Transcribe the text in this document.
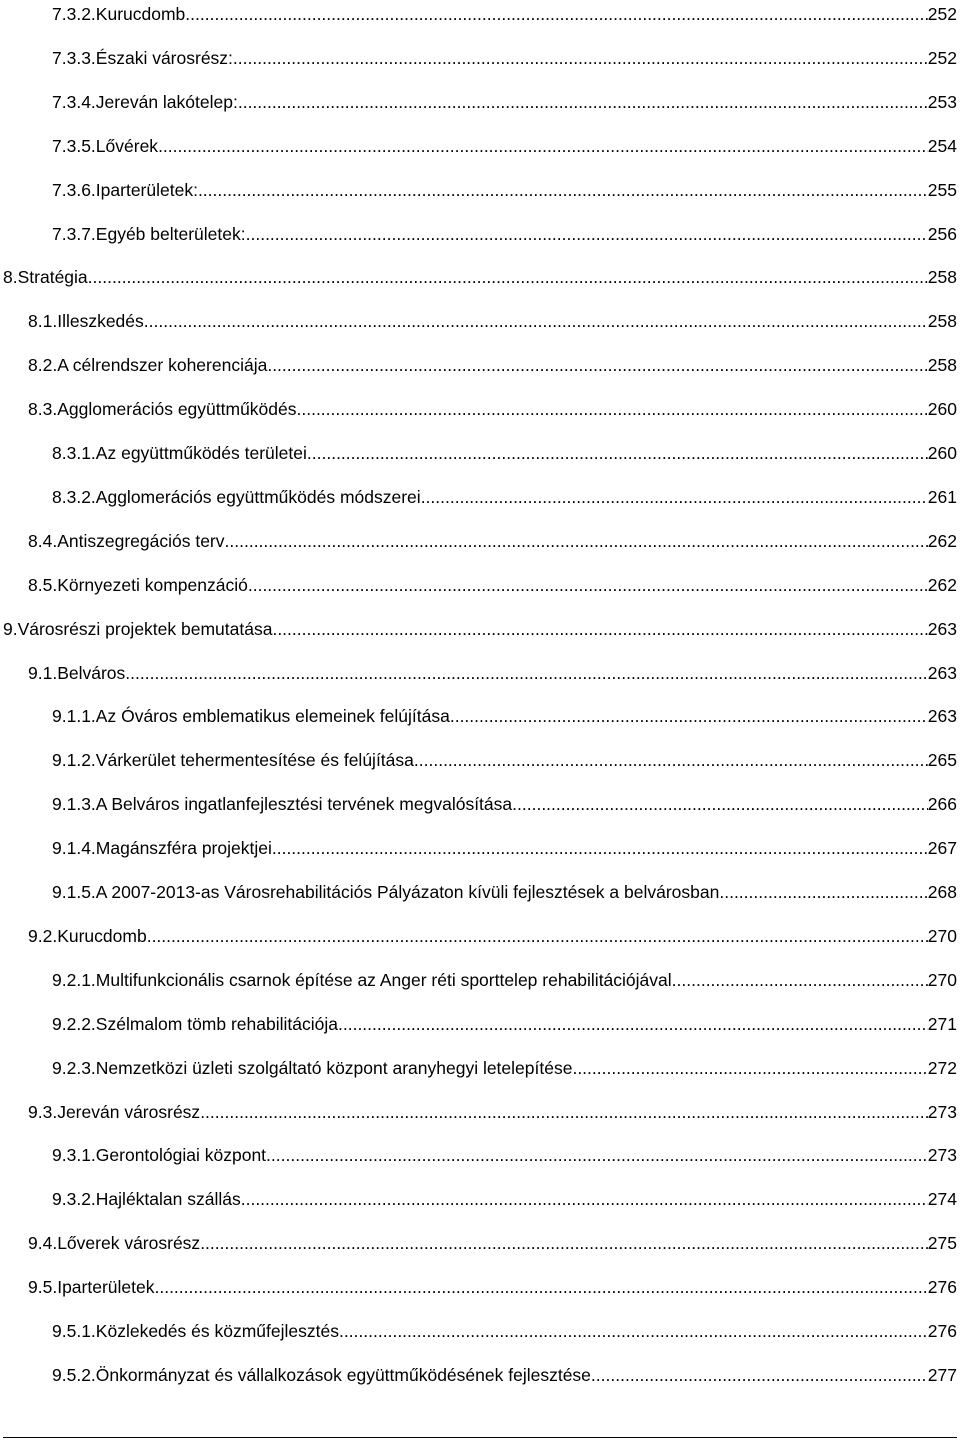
7.3.2. Kurucdomb .....	252
7.3.3. Északi városrész: .....	252
7.3.4. Jereván lakótelep: .....	253
7.3.5. Lővérek .....	254
7.3.6. Iparterületek: .....	255
7.3.7. Egyéb belterületek: .....	256
8. Stratégia .....	258
8.1. Illeszkedés .....	258
8.2. A célrendszer koherenciája .....	258
8.3. Agglomerációs együttműködés .....	260
8.3.1. Az együttműködés területei .....	260
8.3.2. Agglomerációs együttműködés módszerei .....	261
8.4. Antiszegregációs terv .....	262
8.5. Környezeti kompenzáció .....	262
9. Városrészi projektek bemutatása .....	263
9.1. Belváros .....	263
9.1.1. Az Óváros emblematikus elemeinek felújítása .....	263
9.1.2. Várkerület tehermentesítése és felújítása .....	265
9.1.3. A Belváros ingatlanfejlesztési tervének megvalósítása .....	266
9.1.4. Magánszféra projektjei .....	267
9.1.5. A 2007-2013-as Városrehabilitációs Pályázaton kívüli fejlesztések a belvárosban .....	268
9.2. Kurucdomb .....	270
9.2.1. Multifunkcionális csarnok építése az Anger réti sporttelep rehabilitációjával .....	270
9.2.2. Szélmalom tömb rehabilitációja .....	271
9.2.3. Nemzetközi üzleti szolgáltató központ aranyhegyi letelepítése .....	272
9.3. Jereván városrész .....	273
9.3.1. Gerontológiai központ .....	273
9.3.2. Hajléktalan szállás .....	274
9.4. Lőverek városrész .....	275
9.5. Iparterületek .....	276
9.5.1. Közlekedés és közműfejlesztés .....	276
9.5.2. Önkormányzat és vállalkozások együttműködésének fejlesztése .....	277
